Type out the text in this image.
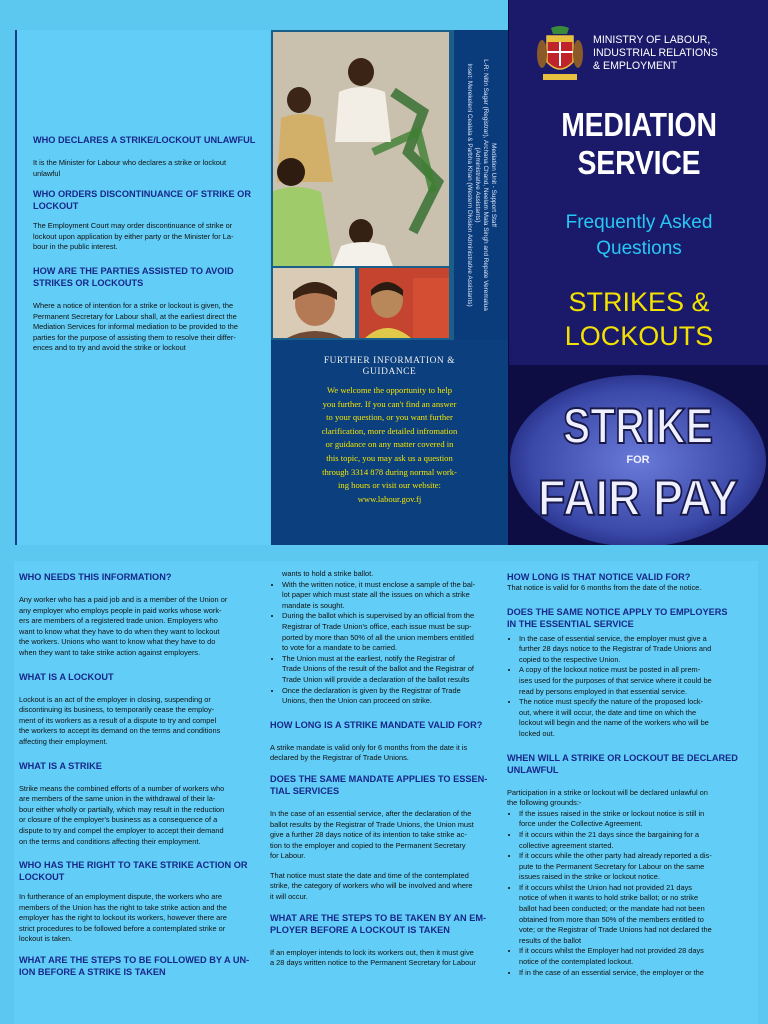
WHO DECLARES A STRIKE/LOCKOUT UNLAWFUL

It is the Minister for Labour who declares a strike or lockout
unlawful

WHO ORDERS DISCONTINUANCE OF STRIKE OR
LOCKOUT

The Employment Court may order discontinuance of strike or
lockout upon application by either party or the Minister for La-
bour in the public interest.

HOW ARE THE PARTIES ASSISTED TO AVOID
STRIKES OR LOCKOUTS

Where a notice of intention for a strike or lockout is given, the
Permanent Secretary for Labour shall, at the earliest direct the
Mediation Services for informal mediation to be provided to the
parties for the purpose of assisting them to resolve their differ-
ences and to try and avoid the strike or lockout

Mediation Unit - Support Staff
L-R: Nitin Sagar (Registrar), Archana Chand, Neelam Mala Singh and Repate Veremalua
(Administrative Assistants)
Inset: Merekeleni Cealala & Parbha Khan (Western Division Administrative Assistants)
FURTHER INFORMATION &
GUIDANCE
We welcome the opportunity to help
you further. If you can't find an answer
to your question, or you want further
clarification, more detailed infromation
or guidance on any matter covered in
this topic, you may ask us a question
through 3314 878 during normal work-
ing hours or visit our website:
www.labour.gov.fj
MINISTRY OF LABOUR,
INDUSTRIAL RELATIONS
& EMPLOYMENT
MEDIATION
SERVICE
Frequently Asked
Questions
STRIKES &
LOCKOUTS
STRIKE
FOR
FAIR PAY

WHO NEEDS THIS INFORMATION?

Any worker who has a paid job and is a member of the Union or
any employer who employs people in paid works whose work-
ers are members of a registered trade union. Employers who
want to know what they have to do when they want to lockout
the workers. Unions who want to know what they have to do
when they want to take strike action against employers.

WHAT IS A LOCKOUT

Lockout is an act of the employer in closing, suspending or
discontinuing its business, to temporarily cease the employ-
ment of its workers as a result of a dispute to try and compel
the workers to accept its demand on the terms and conditions
affecting their employment.

WHAT IS A STRIKE

Strike means the combined efforts of a number of workers who
are members of the same union in the withdrawal of their la-
bour either wholly or partially, which may result in the reduction
or closure of the employer's business as a consequence of a
dispute to try and compel the employer to accept their demand
on the terms and conditions affecting their employment.

WHO HAS THE RIGHT TO TAKE STRIKE ACTION OR
LOCKOUT

In furtherance of an employment dispute, the workers who are
members of the Union has the right to take strike action and the
employer has the right to lockout its workers, however there are
strict procedures to be followed before a contemplated strike or
lockout is taken.

WHAT ARE THE STEPS TO BE FOLLOWED BY A UN-
ION BEFORE A STRIKE IS TAKEN

wants to hold a strike ballot.

• With the written notice, it must enclose a sample of the bal-
lot paper which must state all the issues on which a strike
mandate is sought.
• During the ballot which is supervised by an official from the
Registrar of Trade Union's office, each issue must be sup-
ported by more than 50% of all the union members entitled
to vote for a mandate to be carried.
• The Union must at the earliest, notify the Registrar of
Trade Unions of the result of the ballot and the Registrar of
Trade Union will provide a declaration of the ballot results
• Once the declaration is given by the Registrar of Trade
Unions, then the Union can proceed on strike.

HOW LONG IS A STRIKE MANDATE VALID FOR?

A strike mandate is valid only for 6 months from the date it is
declared by the Registrar of Trade Unions.

DOES THE SAME MANDATE APPLIES TO ESSEN-
TIAL SERVICES

In the case of an essential service, after the declaration of the
ballot results by the Registrar of Trade Unions, the Union must
give a further 28 days notice of its intention to take strike ac-
tion to the employer and copied to the Permanent Secretary
for Labour.

That notice must state the date and time of the contemplated
strike, the category of workers who will be involved and where
it will occur.

WHAT ARE THE STEPS TO BE TAKEN BY AN EM-
PLOYER BEFORE A LOCKOUT IS TAKEN

If an employer intends to lock its workers out, then it must give
a 28 days written notice to the Permanent Secretary for Labour

HOW LONG IS THAT NOTICE VALID FOR?

That notice is valid for 6 months from the date of the notice.

DOES THE SAME NOTICE APPLY TO EMPLOYERS
IN THE ESSENTIAL SERVICE

• In the case of essential service, the employer must give a
further 28 days notice to the Registrar of Trade Unions and
copied to the respective Union.
• A copy of the lockout notice must be posted in all prem-
ises used for the purposes of that service where it could be
read by persons employed in that essential service.
• The notice must specify the nature of the proposed lock-
out, where it will occur, the date and time on which the
lockout will begin and the name of the workers who will be
locked out.

WHEN WILL A STRIKE OR LOCKOUT BE DECLARED
UNLAWFUL

Participation in a strike or lockout will be declared unlawful on
the following grounds:-

• If the issues raised in the strike or lockout notice is still in
force under the Collective Agreement.
• If it occurs within the 21 days since the bargaining for a
collective agreement started.
• If it occurs while the other party had already reported a dis-
pute to the Permanent Secretary for Labour on the same
issues raised in the strike or lockout notice.
• If it occurs whilst the Union had not provided 21 days
notice of when it wants to hold strike ballot; or no strike
ballot had been conducted; or the mandate had not been
obtained from more than 50% of the members entitled to
vote; or the Registrar of Trade Unions had not declared the
results of the ballot
• If it occurs whilst the Employer had not provided 28 days
notice of the contemplated lockout.
• If in the case of an essential service, the employer or the
